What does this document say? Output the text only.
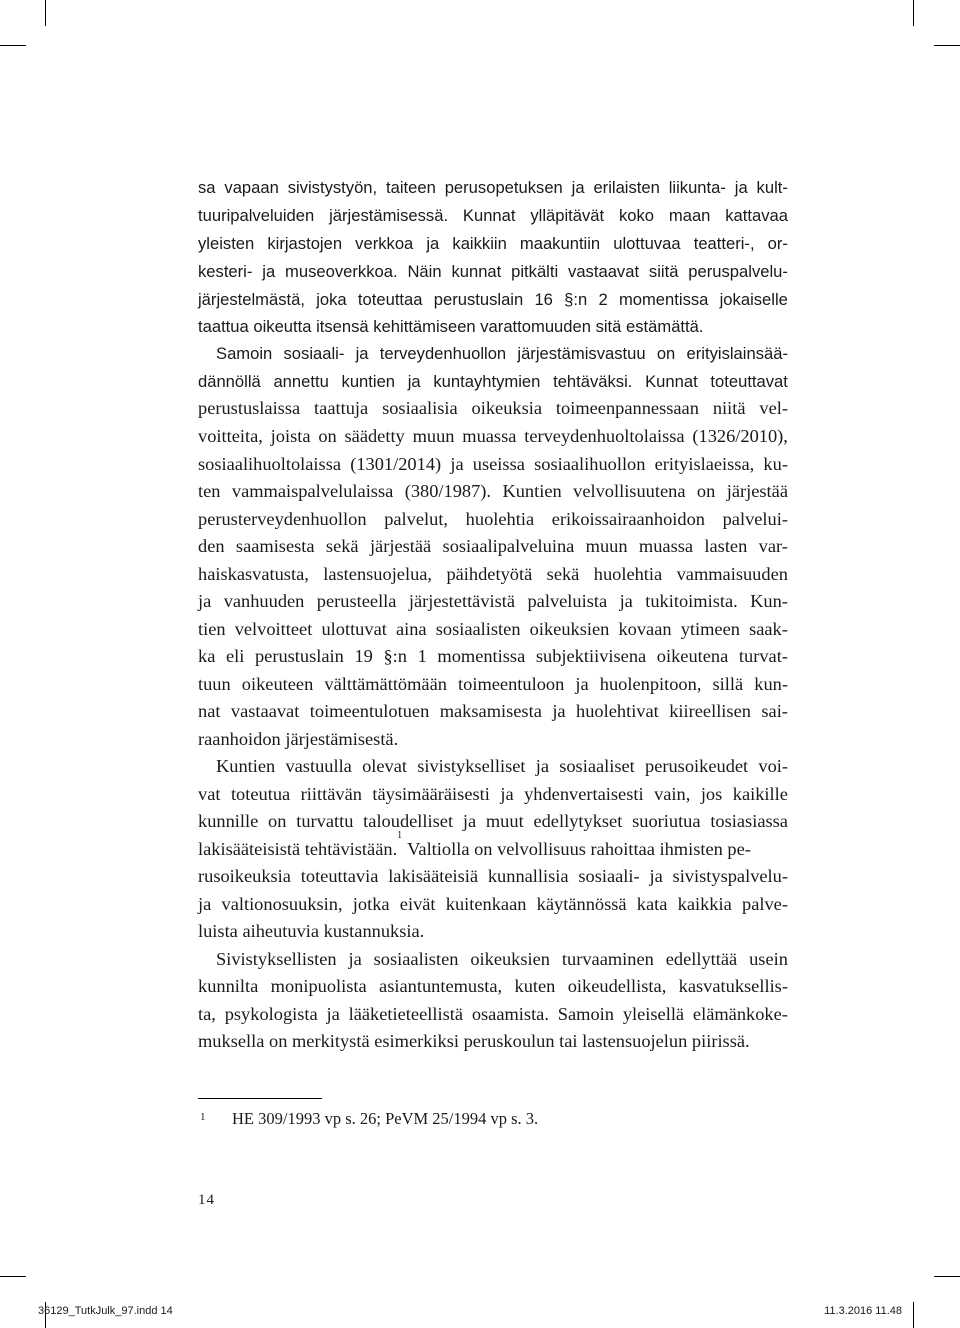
sa vapaan sivistystyön, taiteen perusopetuksen ja erilaisten liikunta- ja kult-
tuuripalveluiden järjestämisessä. Kunnat ylläpitävät koko maan kattavaa
yleisten kirjastojen verkkoa ja kaikkiin maakuntiin ulottuvaa teatteri-, or-
kesteri- ja museoverkkoa. Näin kunnat pitkälti vastaavat siitä peruspalvelu-
järjestelmästä, joka toteuttaa perustuslain 16 §:n 2 momentissa jokaiselle
taattua oikeutta itsensä kehittämiseen varattomuuden sitä estämättä.
Samoin sosiaali- ja terveydenhuollon järjestämisvastuu on erityislainsää-
dännöllä annettu kuntien ja kuntayhtymien tehtäväksi. Kunnat toteuttavat
perustuslaissa taattuja sosiaalisia oikeuksia toimeenpannessaan niitä vel-
voitteita, joista on säädetty muun muassa terveydenhuoltolaissa (1326/2010),
sosiaalihuoltolaissa (1301/2014) ja useissa sosiaalihuollon erityislaeissa, ku-
ten vammaispalvelulaissa (380/1987). Kuntien velvollisuutena on järjestää
perusterveydenhuollon palvelut, huolehtia erikoissairaanhoidon palvelui-
den saamisesta sekä järjestää sosiaalipalveluina muun muassa lasten var-
haiskasvatusta, lastensuojelua, päihdetyötä sekä huolehtia vammaisuuden
ja vanhuuden perusteella järjestettävistä palveluista ja tukitoimista. Kun-
tien velvoitteet ulottuvat aina sosiaalisten oikeuksien kovaan ytimeen saak-
ka eli perustuslain 19 §:n 1 momentissa subjektiivisena oikeutena turvat-
tuun oikeuteen välttämättömään toimeentuloon ja huolenpitoon, sillä kun-
nat vastaavat toimeentulotuen maksamisesta ja huolehtivat kiireellisen sai-
raanhoidon järjestämisestä.
Kuntien vastuulla olevat sivistykselliset ja sosiaaliset perusoikeudet voi-
vat toteutua riittävän täysimääräisesti ja yhdenvertaisesti vain, jos kaikille
kunnille on turvattu taloudelliset ja muut edellytykset suoriutua tosiasiassa
lakisääteisistä tehtävistään.
1
Valtiolla on velvollisuus rahoittaa ihmisten pe-
rusoikeuksia toteuttavia lakisääteisiä kunnallisia sosiaali- ja sivistyspalvelu-
ja valtionosuuksin, jotka eivät kuitenkaan käytännössä kata kaikkia palve-
luista aiheutuvia kustannuksia.
Sivistyksellisten ja sosiaalisten oikeuksien turvaaminen edellyttää usein
kunnilta monipuolista asiantuntemusta, kuten oikeudellista, kasvatuksellis-
ta, psykologista ja lääketieteellistä osaamista. Samoin yleisellä elämänkoke-
muksella on merkitystä esimerkiksi peruskoulun tai lastensuojelun piirissä.
1 HE 309/1993 vp s. 26; PeVM 25/1994 vp s. 3.
14
36129_TutkJulk_97.indd 14	11.3.2016 11.48
